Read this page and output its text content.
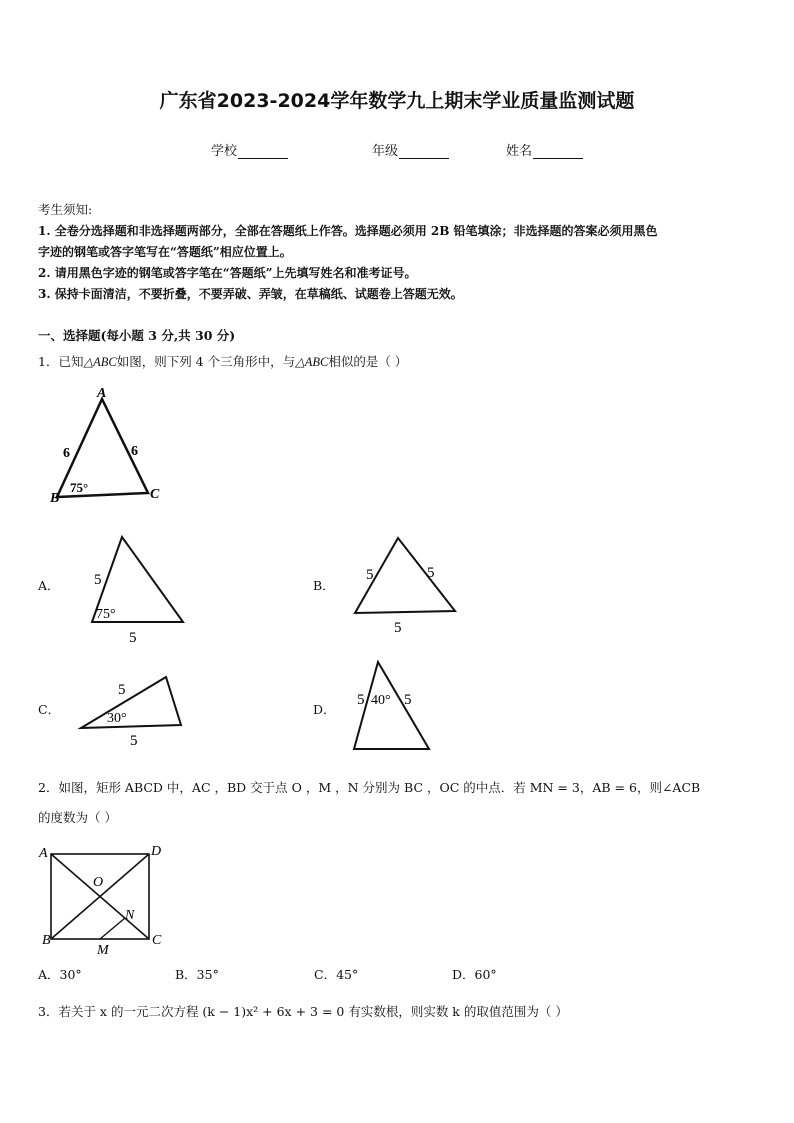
广东省2023-2024学年数学九上期末学业质量监测试题
学校	年级	姓名
考生须知:
1. 全卷分选择题和非选择题两部分，全部在答题纸上作答。选择题必须用 2B 铅笔填涂；非选择题的答案必须用黑色
字迹的钢笔或答字笔写在“答题纸”相应位置上。
2. 请用黑色字迹的钢笔或答字笔在“答题纸”上先填写姓名和准考证号。
3. 保持卡面清洁，不要折叠，不要弄破、弄皱，在草稿纸、试题卷上答题无效。
一、选择题(每小题 3 分,共 30 分)
1．已知△ABC如图，则下列 4 个三角形中，与△ABC相似的是（ ）
A
B	C
6	6
75°
A． 5
75°
5
B．
5	5
5
C．
5
30°
5
D．
5 40° 5
2．如图，矩形 ABCD 中，AC ，BD 交于点 O ，M ，N 分别为 BC ，OC 的中点．若 MN = 3，AB = 6，则∠ACB
的度数为（ ）
A	D
B	C
O
N
M
A．30°	B．35°	C．45°	D．60°
3．若关于 x 的一元二次方程 (k − 1)x² + 6x + 3 = 0 有实数根，则实数 k 的取值范围为（ ）
